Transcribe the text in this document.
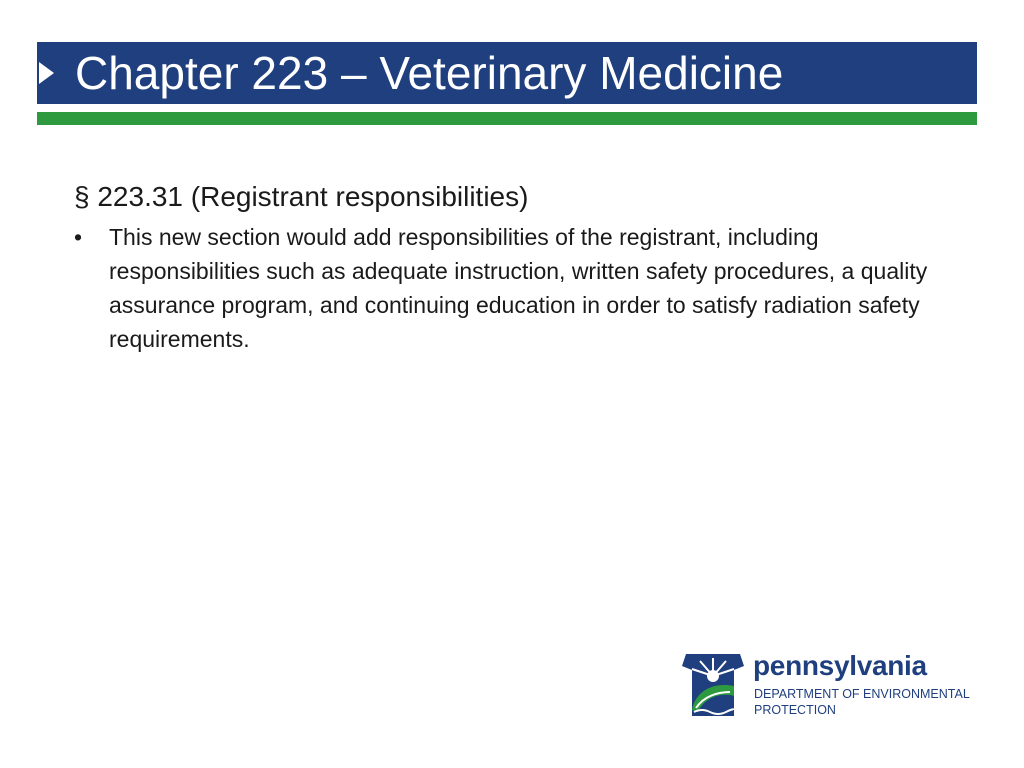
Chapter 223 – Veterinary Medicine
§ 223.31 (Registrant responsibilities)
• This new section would add responsibilities of the registrant, including responsibilities such as adequate instruction, written safety procedures, a quality assurance program, and continuing education in order to satisfy radiation safety requirements.
pennsylvania
DEPARTMENT OF ENVIRONMENTAL
PROTECTION
